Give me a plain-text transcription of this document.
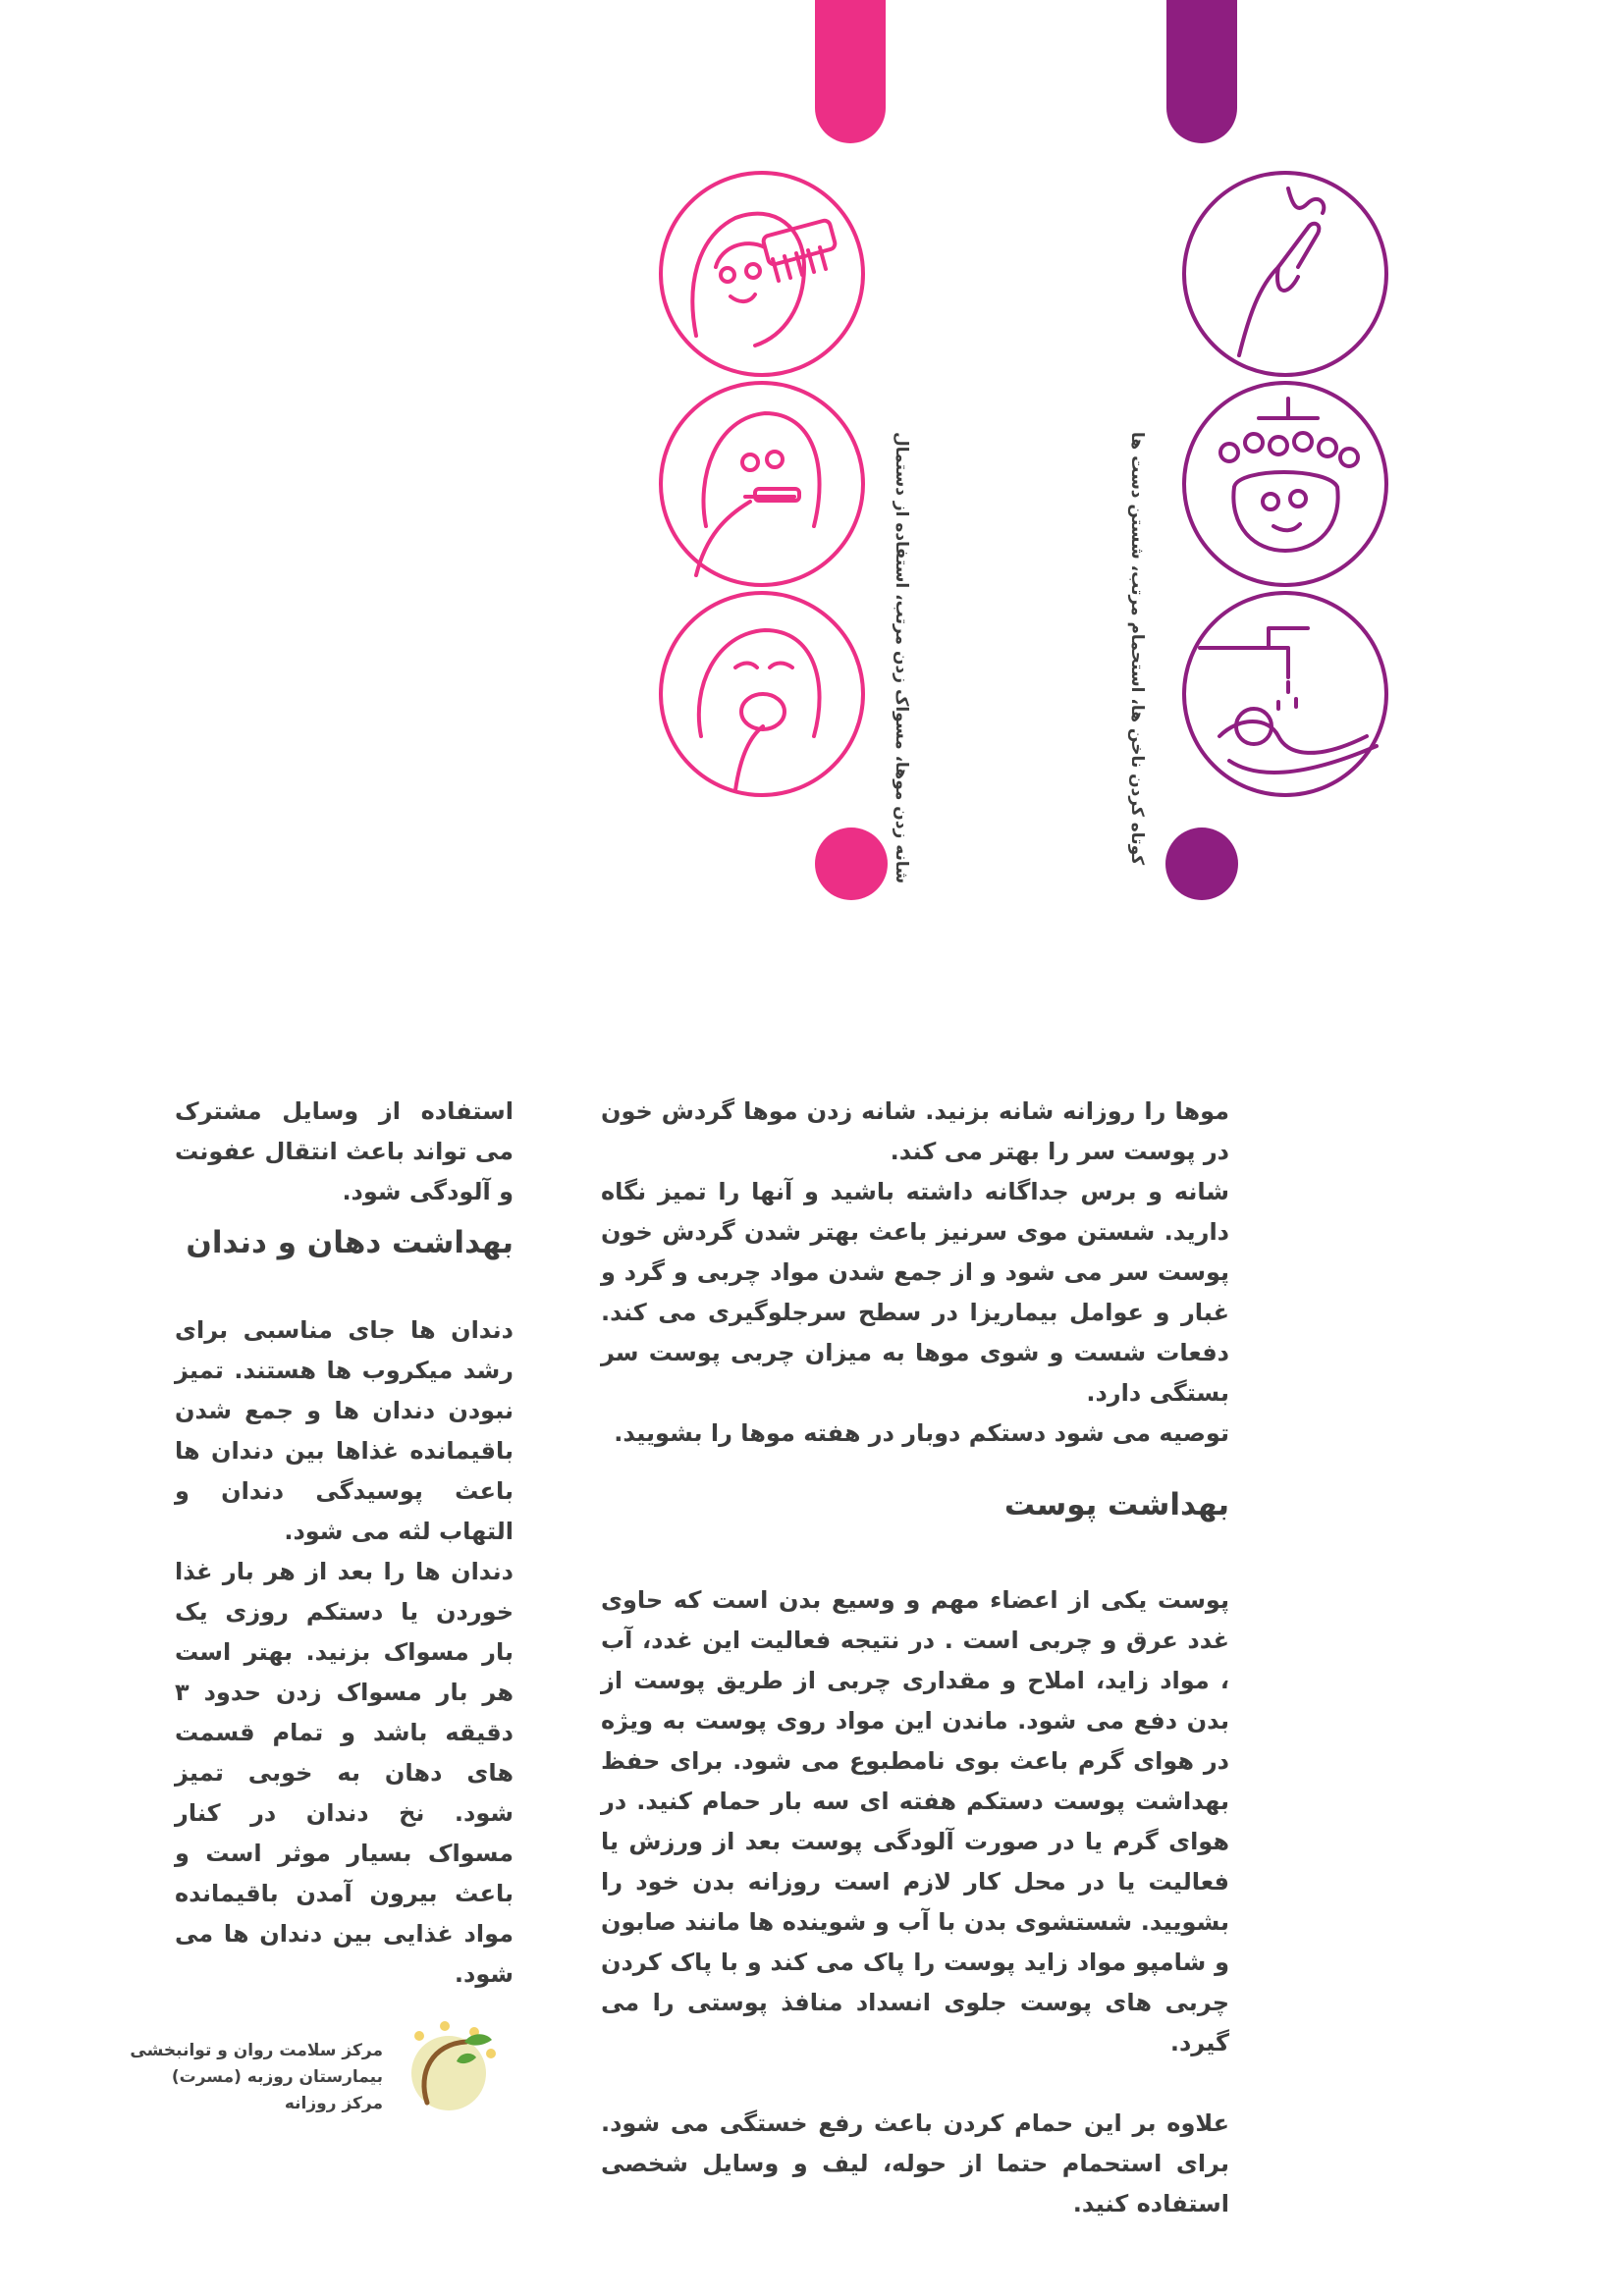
شانه زدن موها، مسواک زدن مرتب، استفاده از دستمال	کوتاه کردن ناخن ها، استحمام مرتب، شستن دست ها

موها را روزانه شانه بزنید. شانه زدن موها گردش خون در پوست سر را بهتر می کند.

شانه و برس جداگانه داشته باشید و آنها را تمیز نگاه دارید. شستن موی سرنیز باعث بهتر شدن گردش خون پوست سر می شود و از جمع شدن مواد چربی و گرد و غبار و عوامل بیماریزا در سطح سرجلوگیری می کند. دفعات شست و شوی موها به میزان چربی پوست سر بستگی دارد.

توصیه می شود دستکم دوبار در هفته موها را بشویید.

بهداشت پوست

پوست یکی از اعضاء مهم و وسیع بدن است که حاوی غدد عرق و چربی است . در نتیجه فعالیت این غدد، آب ، مواد زاید، املاح و مقداری چربی از طریق پوست از بدن دفع می شود. ماندن این مواد روی پوست به ویژه در هوای گرم باعث بوی نامطبوع می شود. برای حفظ بهداشت پوست دستکم هفته ای سه بار حمام کنید. در هوای گرم یا در صورت آلودگی پوست بعد از ورزش یا فعالیت یا در محل کار لازم است روزانه بدن خود را بشویید. شستشوی بدن با آب و شوینده ها مانند صابون و شامپو مواد زاید پوست را پاک می کند و با پاک کردن چربی های پوست جلوی انسداد منافذ پوستی را می گیرد.

علاوه بر این حمام کردن باعث رفع خستگی می شود. برای استحمام حتما از حوله، لیف و وسایل شخصی استفاده کنید.

استفاده از وسایل مشترک می تواند باعث انتقال عفونت و آلودگی شود.

بهداشت دهان و دندان

دندان ها جای مناسبی برای رشد میکروب ها هستند. تمیز نبودن دندان ها و جمع شدن باقیمانده غذاها بین دندان ها باعث پوسیدگی دندان و التهاب لثه می شود.

دندان ها را بعد از هر بار غذا خوردن یا دستکم روزی یک بار مسواک بزنید. بهتر است هر بار مسواک زدن حدود ۳ دقیقه باشد و تمام قسمت های دهان به خوبی تمیز شود. نخ دندان در کنار مسواک بسیار موثر است و باعث بیرون آمدن باقیمانده مواد غذایی بین دندان ها می شود.

مرکز سلامت روان و توانبخشی
بیمارستان روزبه (مسرت)
مرکز روزانه
